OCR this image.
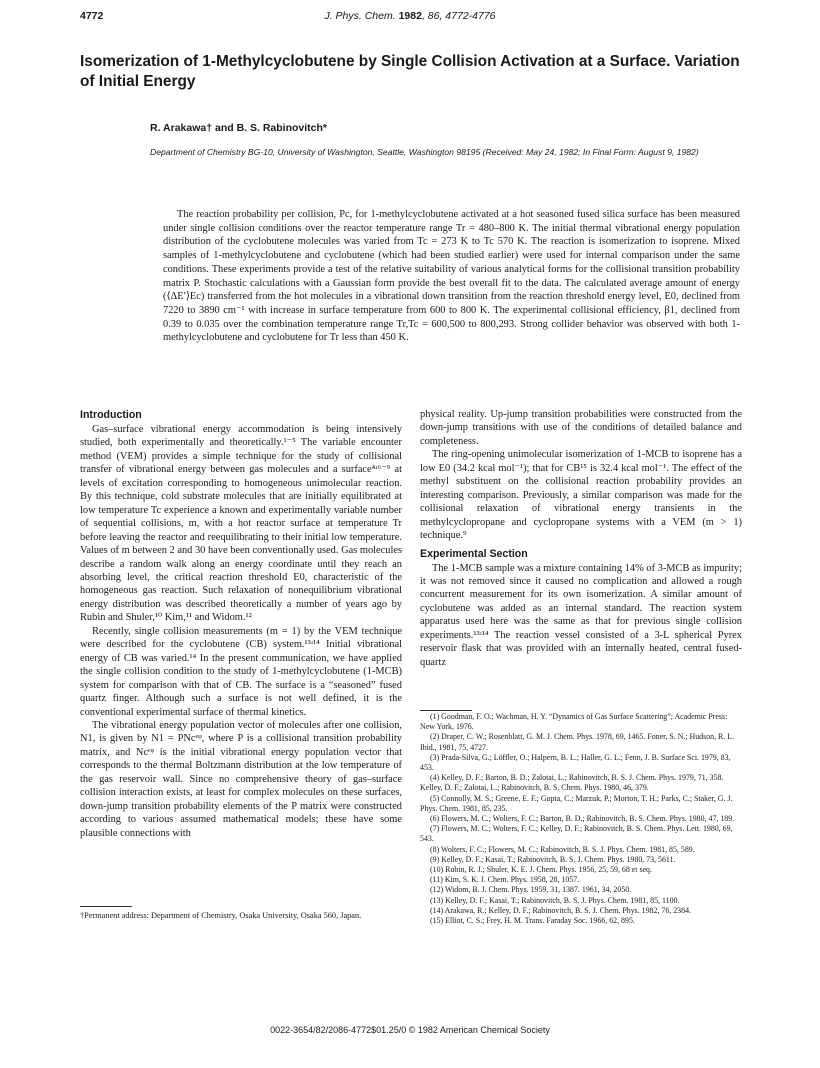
4772	J. Phys. Chem. 1982, 86, 4772-4776
Isomerization of 1-Methylcyclobutene by Single Collision Activation at a Surface. Variation of Initial Energy
R. Arakawa† and B. S. Rabinovitch*
Department of Chemistry BG-10, University of Washington, Seattle, Washington 98195 (Received: May 24, 1982; In Final Form: August 9, 1982)

The reaction probability per collision, Pc, for 1-methylcyclobutene activated at a hot seasoned fused silica surface has been measured under single collision conditions over the reactor temperature range Tr = 480–800 K. The initial thermal vibrational energy population distribution of the cyclobutene molecules was varied from Tc = 273 K to Tc 570 K. The reaction is isomerization to isoprene. Mixed samples of 1-methylcyclobutene and cyclobutene (which had been studied earlier) were used for internal comparison under the same conditions. These experiments provide a test of the relative suitability of various analytical forms for the collisional transition probability matrix P. Stochastic calculations with a Gaussian form provide the best overall fit to the data. The calculated average amount of energy (⟨ΔE′⟩Ec) transferred from the hot molecules in a vibrational down transition from the reaction threshold energy level, E0, declined from 7220 to 3890 cm⁻¹ with increase in surface temperature from 600 to 800 K. The experimental collisional efficiency, β1, declined from 0.39 to 0.035 over the combination temperature range Tr,Tc = 600,500 to 800,293. Strong collider behavior was observed with both 1-methylcyclobutene and cyclobutene for Tr less than 450 K.

Introduction

Gas–surface vibrational energy accommodation is being intensively studied, both experimentally and theoretically.¹⁻⁵ The variable encounter method (VEM) provides a simple technique for the study of collisional transfer of vibrational energy between gas molecules and a surface⁴ʴ⁶⁻⁹ at levels of excitation corresponding to homogeneous unimolecular reaction. By this technique, cold substrate molecules that are initially equilibrated at low temperature Tc experience a known and experimentally variable number of sequential collisions, m, with a hot reactor surface at temperature Tr before leaving the reactor and reequilibrating to their initial low temperature. Values of m between 2 and 30 have been conventionally used. Gas molecules describe a random walk along an energy coordinate until they reach an absorbing level, the critical reaction threshold E0, characteristic of the homogeneous gas reaction. Such relaxation of nonequilibrium vibrational energy distribution was described theoretically a number of years ago by Rubin and Shuler,¹⁰ Kim,¹¹ and Widom.¹²

Recently, single collision measurements (m = 1) by the VEM technique were described for the cyclobutene (CB) system.¹³ʴ¹⁴ Initial vibrational energy of CB was varied.¹⁴ In the present communication, we have applied the single collision condition to the study of 1-methylcyclobutene (1-MCB) system for comparison with that of CB. The surface is a “seasoned” fused quartz finger. Although such a surface is not well defined, it is the conventional experimental surface of thermal kinetics.

The vibrational energy population vector of molecules after one collision, N1, is given by N1 = PNcᵉᵠ, where P is a collisional transition probability matrix, and Ncᵉᵠ is the initial vibrational energy population vector that corresponds to the thermal Boltzmann distribution at the low temperature of the gas reservoir wall. Since no comprehensive theory of gas–surface collision interaction exists, at least for complex molecules on these surfaces, down-jump transition probability elements of the P matrix were constructed according to various assumed mathematical models; these have some plausible connections with

†Permanent address: Department of Chemistry, Osaka University, Osaka 560, Japan.

physical reality. Up-jump transition probabilities were constructed from the down-jump transitions with use of the conditions of detailed balance and completeness.

The ring-opening unimolecular isomerization of 1-MCB to isoprene has a low E0 (34.2 kcal mol⁻¹); that for CB¹⁵ is 32.4 kcal mol⁻¹. The effect of the methyl substituent on the collisional reaction probability provides an interesting comparison. Previously, a similar comparison was made for the collisional relaxation of vibrational energy transients in the methylcyclopropane and cyclopropane systems with a VEM (m > 1) technique.⁹

Experimental Section

The 1-MCB sample was a mixture containing 14% of 3-MCB as impurity; it was not removed since it caused no complication and allowed a rough concurrent measurement for its own isomerization. A similar amount of cyclobutene was added as an internal standard. The reaction system apparatus used here was the same as that for previous single collision experiments.¹³ʴ¹⁴ The reaction vessel consisted of a 3-L spherical Pyrex reservoir flask that was provided with an internally heated, central fused-quartz

(1) Goodman, F. O.; Wachman, H. Y. “Dynamics of Gas Surface Scattering”; Academic Press: New York, 1976.
(2) Draper, C. W.; Rosenblatt, G. M. J. Chem. Phys. 1978, 69, 1465. Foner, S. N.; Hudson, R. L. Ibid., 1981, 75, 4727.
(3) Prada-Silva, G.; Löffler, O.; Halpern, B. L.; Haller, G. L.; Fenn, J. B. Surface Sci. 1979, 83, 453.
(4) Kelley, D. F.; Barton, B. D.; Zalotai, L.; Rabinovitch, B. S. J. Chem. Phys. 1979, 71, 358. Kelley, D. F.; Zalotai, L.; Rabinovitch, B. S. Chem. Phys. 1980, 46, 379.
(5) Connolly, M. S.; Greene, E. F.; Gupta, C.; Marzuk, P.; Morton, T. H.; Parks, C.; Staker, G. J. Phys. Chem. 1981, 85, 235.
(6) Flowers, M. C.; Wolters, F. C.; Barton, B. D.; Rabinovitch, B. S. Chem. Phys. 1980, 47, 189.
(7) Flowers, M. C.; Wolters, F. C.; Kelley, D. F.; Rabinovitch, B. S. Chem. Phys. Lett. 1980, 69, 543.
(8) Wolters, F. C.; Flowers, M. C.; Rabinovitch, B. S. J. Phys. Chem. 1981, 85, 589.
(9) Kelley, D. F.; Kasai, T.; Rabinovitch, B. S. J. Chem. Phys. 1980, 73, 5611.
(10) Rubin, R. J.; Shuler, K. E. J. Chem. Phys. 1956, 25, 59, 68 et seq.
(11) Kim, S. K. J. Chem. Phys. 1958, 28, 1057.
(12) Widom, B. J. Chem. Phys. 1959, 31, 1387. 1961, 34, 2050.
(13) Kelley, D. F.; Kasai, T.; Rabinovitch, B. S. J. Phys. Chem. 1981, 85, 1100.
(14) Arakawa, R.; Kelley, D. F.; Rabinovitch, B. S. J. Chem. Phys. 1982, 76, 2384.
(15) Elliot, C. S.; Frey, H. M. Trans. Faraday Soc. 1966, 62, 895.
0022-3654/82/2086-4772$01.25/0 © 1982 American Chemical Society
